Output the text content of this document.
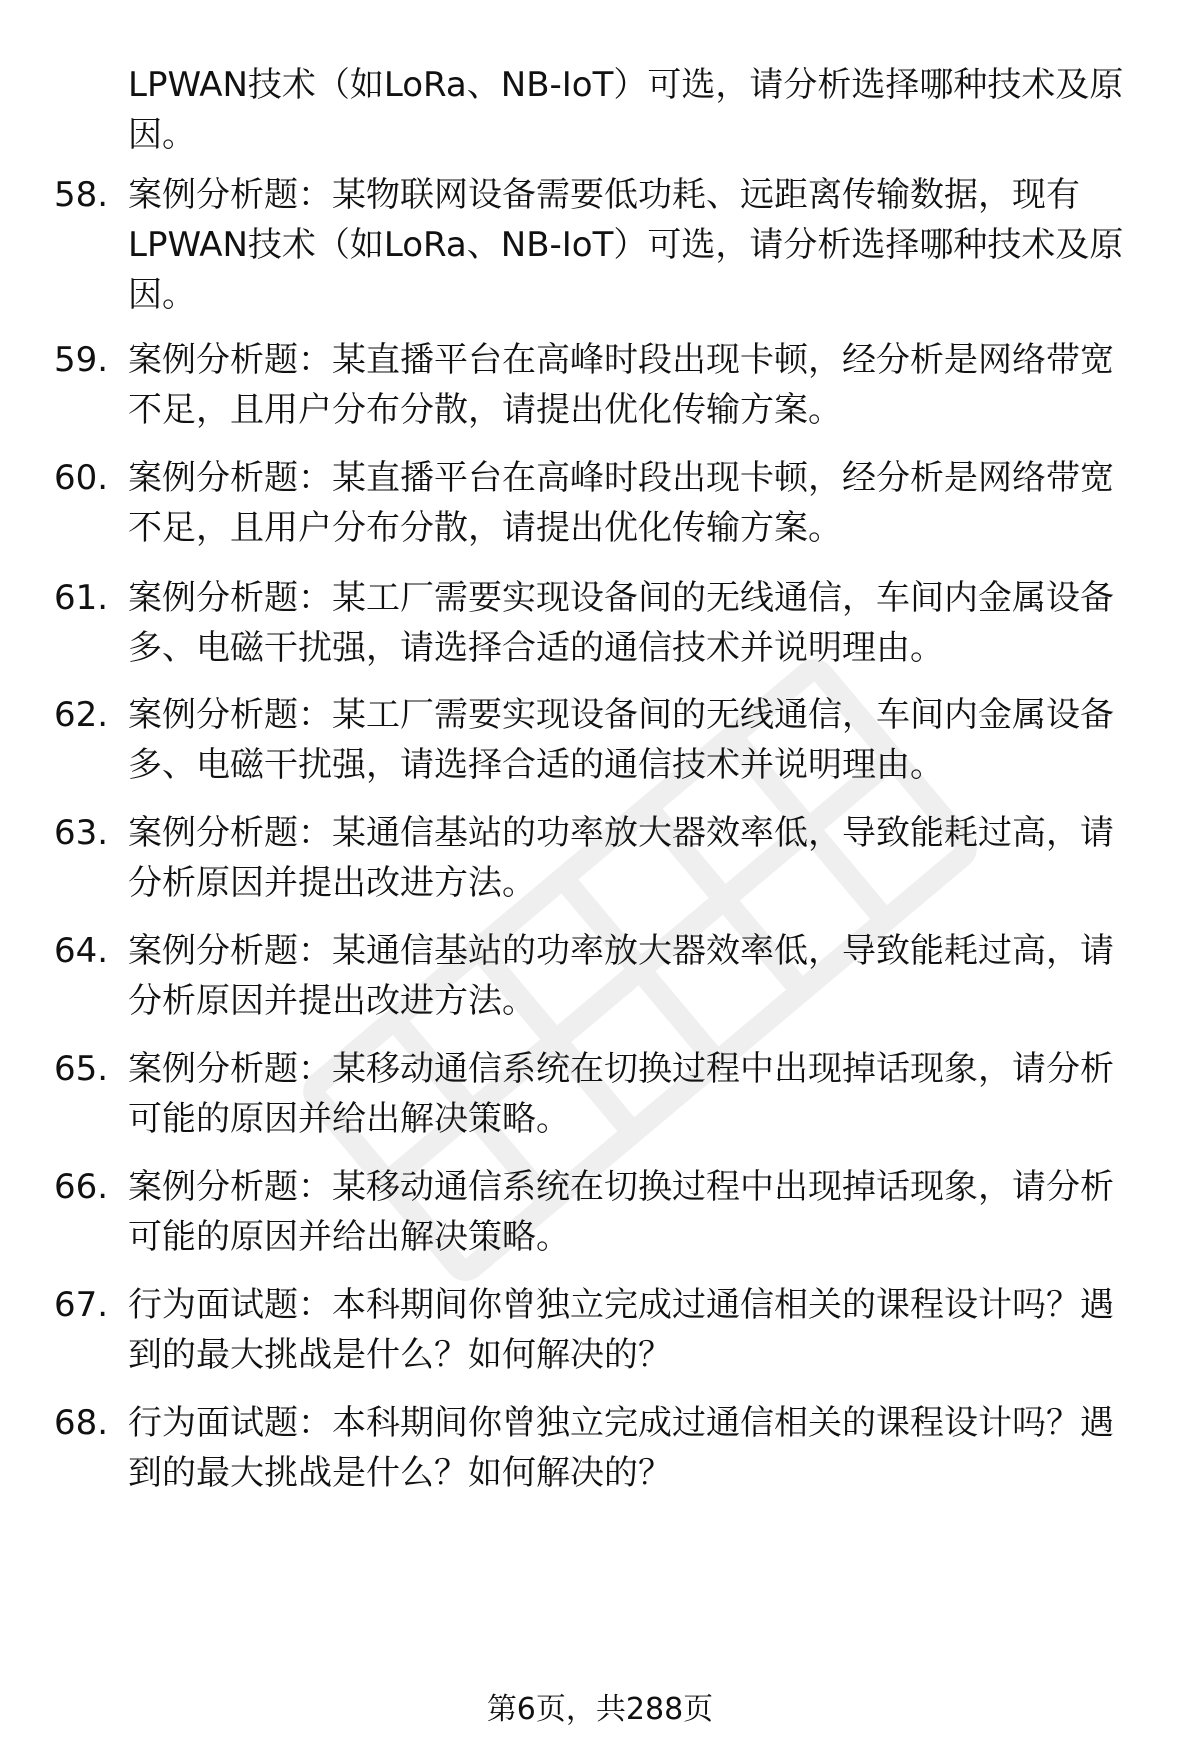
LPWAN技术（如LoRa、NB-IoT）可选，请分析选择哪种技术及原因。

58. 案例分析题：某物联网设备需要低功耗、远距离传输数据，现有LPWAN技术（如LoRa、NB-IoT）可选，请分析选择哪种技术及原因。

59. 案例分析题：某直播平台在高峰时段出现卡顿，经分析是网络带宽不足，且用户分布分散，请提出优化传输方案。

60. 案例分析题：某直播平台在高峰时段出现卡顿，经分析是网络带宽不足，且用户分布分散，请提出优化传输方案。

61. 案例分析题：某工厂需要实现设备间的无线通信，车间内金属设备多、电磁干扰强，请选择合适的通信技术并说明理由。

62. 案例分析题：某工厂需要实现设备间的无线通信，车间内金属设备多、电磁干扰强，请选择合适的通信技术并说明理由。

63. 案例分析题：某通信基站的功率放大器效率低，导致能耗过高，请分析原因并提出改进方法。

64. 案例分析题：某通信基站的功率放大器效率低，导致能耗过高，请分析原因并提出改进方法。

65. 案例分析题：某移动通信系统在切换过程中出现掉话现象，请分析可能的原因并给出解决策略。

66. 案例分析题：某移动通信系统在切换过程中出现掉话现象，请分析可能的原因并给出解决策略。

67. 行为面试题：本科期间你曾独立完成过通信相关的课程设计吗？遇到的最大挑战是什么？如何解决的？

68. 行为面试题：本科期间你曾独立完成过通信相关的课程设计吗？遇到的最大挑战是什么？如何解决的？

第6页，共288页
